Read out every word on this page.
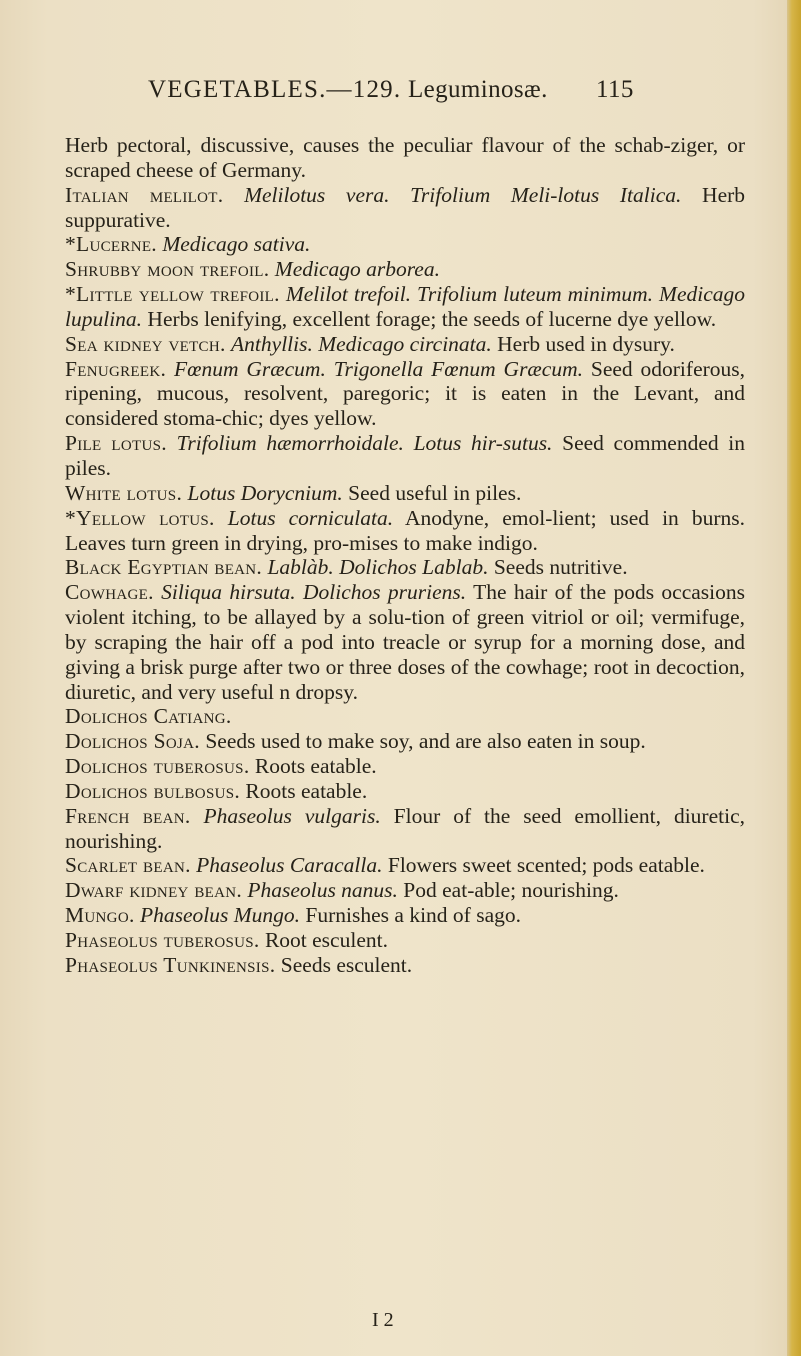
VEGETABLES.—129. Leguminosæ. 115

Herb pectoral, discussive, causes the peculiar flavour of the schab-ziger, or scraped cheese of Germany.

Italian melilot. Melilotus vera. Trifolium Meli-lotus Italica. Herb suppurative.

*Lucerne. Medicago sativa.

Shrubby moon trefoil. Medicago arborea.

*Little yellow trefoil. Melilot trefoil. Trifolium luteum minimum. Medicago lupulina. Herbs lenifying, excellent forage; the seeds of lucerne dye yellow.

Sea kidney vetch. Anthyllis. Medicago circinata. Herb used in dysury.

Fenugreek. Fœnum Græcum. Trigonella Fœnum Græcum. Seed odoriferous, ripening, mucous, resolvent, paregoric; it is eaten in the Levant, and considered stoma-chic; dyes yellow.

Pile lotus. Trifolium hæmorrhoidale. Lotus hir-sutus. Seed commended in piles.

White lotus. Lotus Dorycnium. Seed useful in piles.

*Yellow lotus. Lotus corniculata. Anodyne, emol-lient; used in burns. Leaves turn green in drying, pro-mises to make indigo.

Black Egyptian bean. Lablàb. Dolichos Lablab. Seeds nutritive.

Cowhage. Siliqua hirsuta. Dolichos pruriens. The hair of the pods occasions violent itching, to be allayed by a solu-tion of green vitriol or oil; vermifuge, by scraping the hair off a pod into treacle or syrup for a morning dose, and giving a brisk purge after two or three doses of the cowhage; root in decoction, diuretic, and very useful n dropsy.

Dolichos Catiang.

Dolichos Soja. Seeds used to make soy, and are also eaten in soup.

Dolichos tuberosus. Roots eatable.

Dolichos bulbosus. Roots eatable.

French bean. Phaseolus vulgaris. Flour of the seed emollient, diuretic, nourishing.

Scarlet bean. Phaseolus Caracalla. Flowers sweet scented; pods eatable.

Dwarf kidney bean. Phaseolus nanus. Pod eat-able; nourishing.

Mungo. Phaseolus Mungo. Furnishes a kind of sago.

Phaseolus tuberosus. Root esculent.

Phaseolus Tunkinensis. Seeds esculent.

I 2
